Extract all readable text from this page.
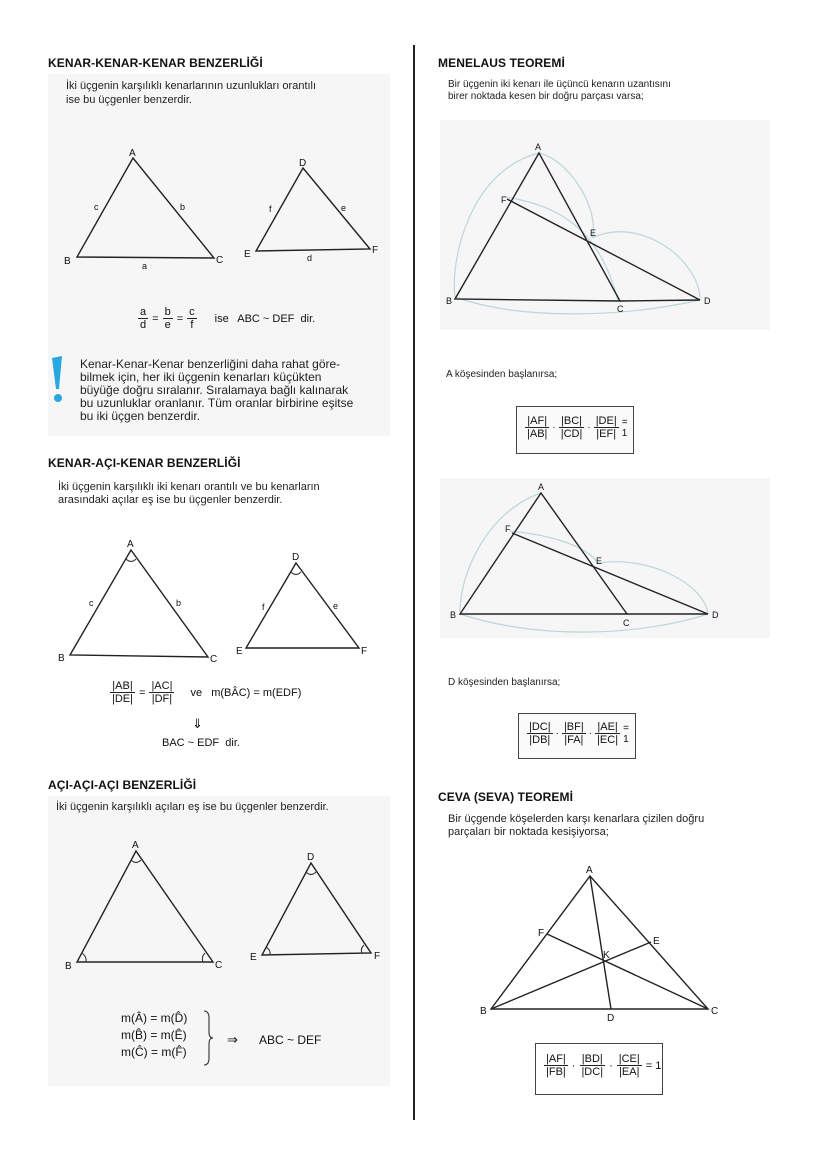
KENAR-KENAR-KENAR BENZERLİĞİ
İki üçgenin karşılıklı kenarlarının uzunlukları orantılı
ise bu üçgenler benzerdir.
A
B	C
a
b
c
D
E	F
d
e
f
$\frac{a}{d} = \frac{b}{e} = \frac{c}{f}$ ise   ABC ~ DEF  dir.
Kenar-Kenar-Kenar benzerliğini daha rahat göre-
bilmek için, her iki üçgenin kenarları küçükten
büyüğe doğru sıralanır. Sıralamaya bağlı kalınarak
bu uzunluklar oranlanır. Tüm oranlar birbirine eşitse
bu iki üçgen benzerdir.
KENAR-AÇI-KENAR BENZERLİĞİ
İki üçgenin karşılıklı iki kenarı orantılı ve bu kenarların
arasındaki açılar eş ise bu üçgenler benzerdir.
A
B	C
b
c
D
E	F
e
f
$\frac{|AB|}{|DE|} = \frac{|AC|}{|DF|}$ ve   m(BÂC) = m(EDF)
⇓
BAC ~ EDF  dir.
AÇI-AÇI-AÇI BENZERLİĞİ
İki üçgenin karşılıklı açıları eş ise bu üçgenler benzerdir.
A
B	C
D
E	F
m(Â) = m(D̂)
m(B̂) = m(Ê)
m(Ĉ) = m(F̂)
⇒ ABC ~ DEF
MENELAUS TEOREMİ
Bir üçgenin iki kenarı ile üçüncü kenarın uzantısını
birer noktada kesen bir doğru parçası varsa;
A
B
C
D
E
F
A köşesinden başlanırsa;
$\frac{|AF|}{|AB|} \cdot \frac{|BC|}{|CD|} \cdot \frac{|DE|}{|EF|} = 1$
A
B
C
D
E
F
D köşesinden başlanırsa;
$\frac{|DC|}{|DB|} \cdot \frac{|BF|}{|FA|} \cdot \frac{|AE|}{|EC|} = 1$
CEVA (SEVA) TEOREMİ
Bir üçgende köşelerden karşı kenarlara çizilen doğru
parçaları bir noktada kesişiyorsa;
A
B	C
D
E
F
K
$\frac{|AF|}{|FB|} \cdot \frac{|BD|}{|DC|} \cdot \frac{|CE|}{|EA|} = 1$
